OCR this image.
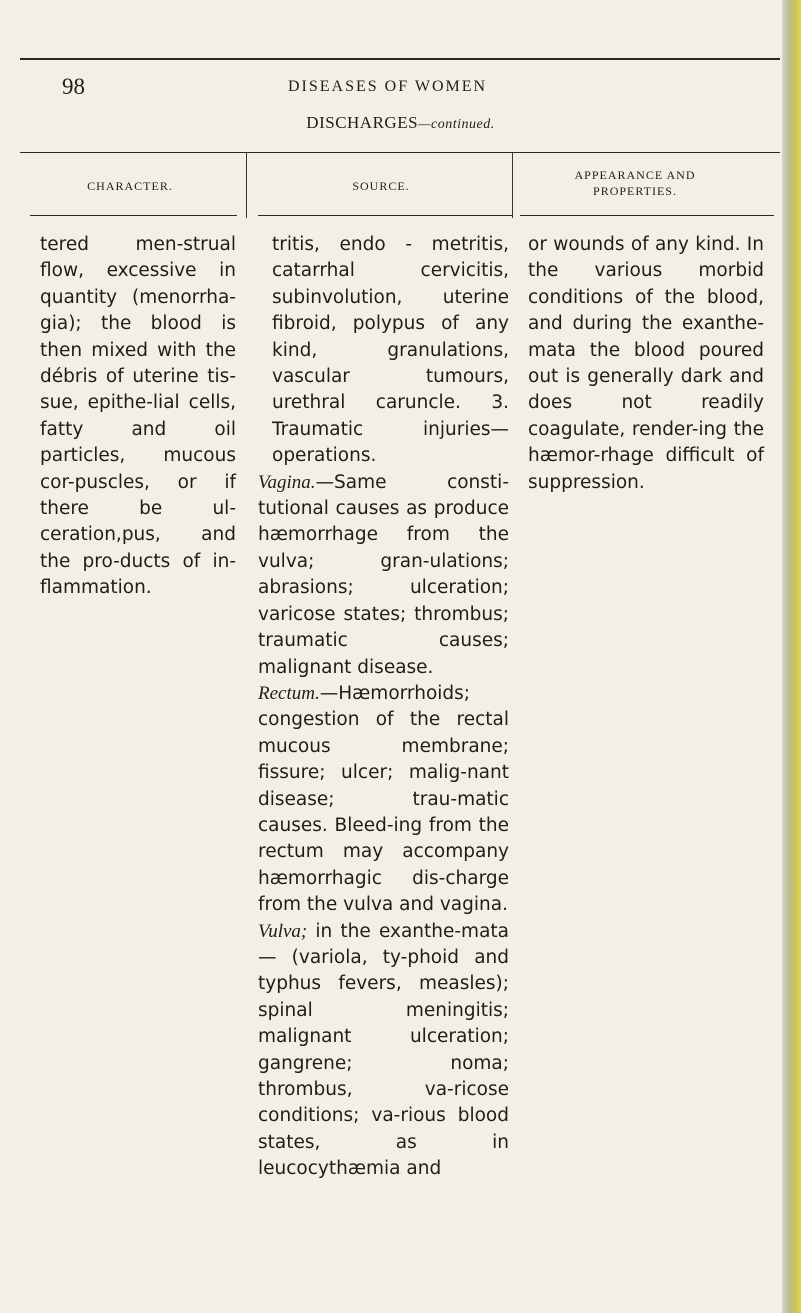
98	DISEASES OF WOMEN
DISCHARGES—continued.
CHARACTER.	SOURCE.
APPEARANCE AND PROPERTIES.

tered men-strual flow, excessive in quantity (menorrha-gia); the blood is then mixed with the débris of uterine tis-sue, epithe-lial cells, fatty and oil particles, mucous cor-puscles, or if there be ul-ceration,pus, and the pro-ducts of in-flammation.

tritis, endo - metritis, catarrhal cervicitis, subinvolution, uterine fibroid, polypus of any kind, granulations, vascular tumours, urethral caruncle. 3. Traumatic injuries—operations.

Vagina.—Same consti-tutional causes as produce hæmorrhage from the vulva; gran-ulations; abrasions; ulceration; varicose states; thrombus; traumatic causes; malignant disease.

Rectum.—Hæmorrhoids; congestion of the rectal mucous membrane; fissure; ulcer; malig-nant disease; trau-matic causes. Bleed-ing from the rectum may accompany hæmorrhagic dis-charge from the vulva and vagina.

Vulva; in the exanthe-mata — (variola, ty-phoid and typhus fevers, measles); spinal meningitis; malignant ulceration; gangrene; noma; thrombus, va-ricose conditions; va-rious blood states, as in leucocythæmia and

or wounds of any kind. In the various morbid conditions of the blood, and during the exanthe-mata the blood poured out is generally dark and does not readily coagulate, render-ing the hæmor-rhage difficult of suppression.
